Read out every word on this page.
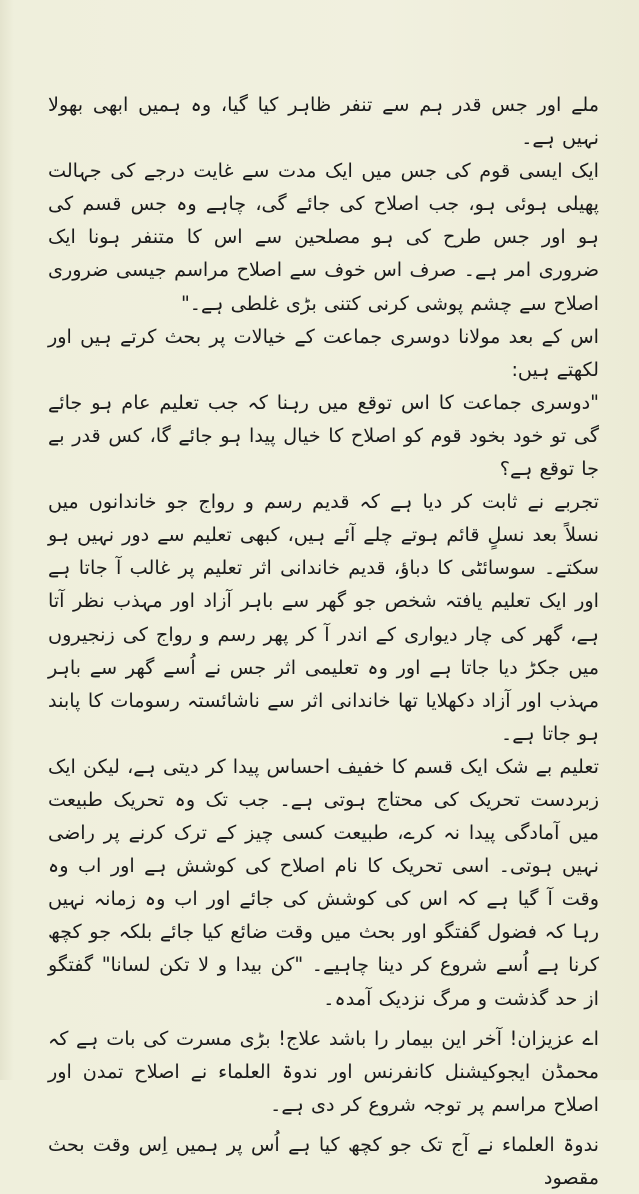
ملے اور جس قدر ہم سے تنفر ظاہر کیا گیا، وہ ہمیں ابھی بھولا نہیں ہے۔

ایک ایسی قوم کی جس میں ایک مدت سے غایت درجے کی جہالت پھیلی ہوئی ہو، جب اصلاح کی جائے گی، چاہے وہ جس قسم کی ہو اور جس طرح کی ہو مصلحین سے اس کا متنفر ہونا ایک ضروری امر ہے۔ صرف اس خوف سے اصلاح مراسم جیسی ضروری اصلاح سے چشم پوشی کرنی کتنی بڑی غلطی ہے۔"

اس کے بعد مولانا دوسری جماعت کے خیالات پر بحث کرتے ہیں اور لکھتے ہیں:

"دوسری جماعت کا اس توقع میں رہنا کہ جب تعلیم عام ہو جائے گی تو خود بخود قوم کو اصلاح کا خیال پیدا ہو جائے گا، کس قدر بے جا توقع ہے؟

تجربے نے ثابت کر دیا ہے کہ قدیم رسم و رواج جو خاندانوں میں نسلاً بعد نسلٍ قائم ہوتے چلے آئے ہیں، کبھی تعلیم سے دور نہیں ہو سکتے۔ سوسائٹی کا دباؤ، قدیم خاندانی اثر تعلیم پر غالب آ جاتا ہے اور ایک تعلیم یافتہ شخص جو گھر سے باہر آزاد اور مہذب نظر آتا ہے، گھر کی چار دیواری کے اندر آ کر پھر رسم و رواج کی زنجیروں میں جکڑ دیا جاتا ہے اور وہ تعلیمی اثر جس نے اُسے گھر سے باہر مہذب اور آزاد دکھلایا تھا خاندانی اثر سے ناشائستہ رسومات کا پابند ہو جاتا ہے۔

تعلیم بے شک ایک قسم کا خفیف احساس پیدا کر دیتی ہے، لیکن ایک زبردست تحریک کی محتاج ہوتی ہے۔ جب تک وہ تحریک طبیعت میں آمادگی پیدا نہ کرے، طبیعت کسی چیز کے ترک کرنے پر راضی نہیں ہوتی۔ اسی تحریک کا نام اصلاح کی کوشش ہے اور اب وہ وقت آ گیا ہے کہ اس کی کوشش کی جائے اور اب وہ زمانہ نہیں رہا کہ فضول گفتگو اور بحث میں وقت ضائع کیا جائے بلکہ جو کچھ کرنا ہے اُسے شروع کر دینا چاہیے۔ "کن بیدا و لا تکن لسانا" گفتگو از حد گذشت و مرگ نزدیک آمدہ۔

اے عزیزان! آخر این بیمار را باشد علاج! بڑی مسرت کی بات ہے کہ محمڈن ایجوکیشنل کانفرنس اور ندوۃ العلماء نے اصلاح تمدن اور اصلاح مراسم پر توجہ شروع کر دی ہے۔

ندوۃ العلماء نے آج تک جو کچھ کیا ہے اُس پر ہمیں اِس وقت بحث مقصود
